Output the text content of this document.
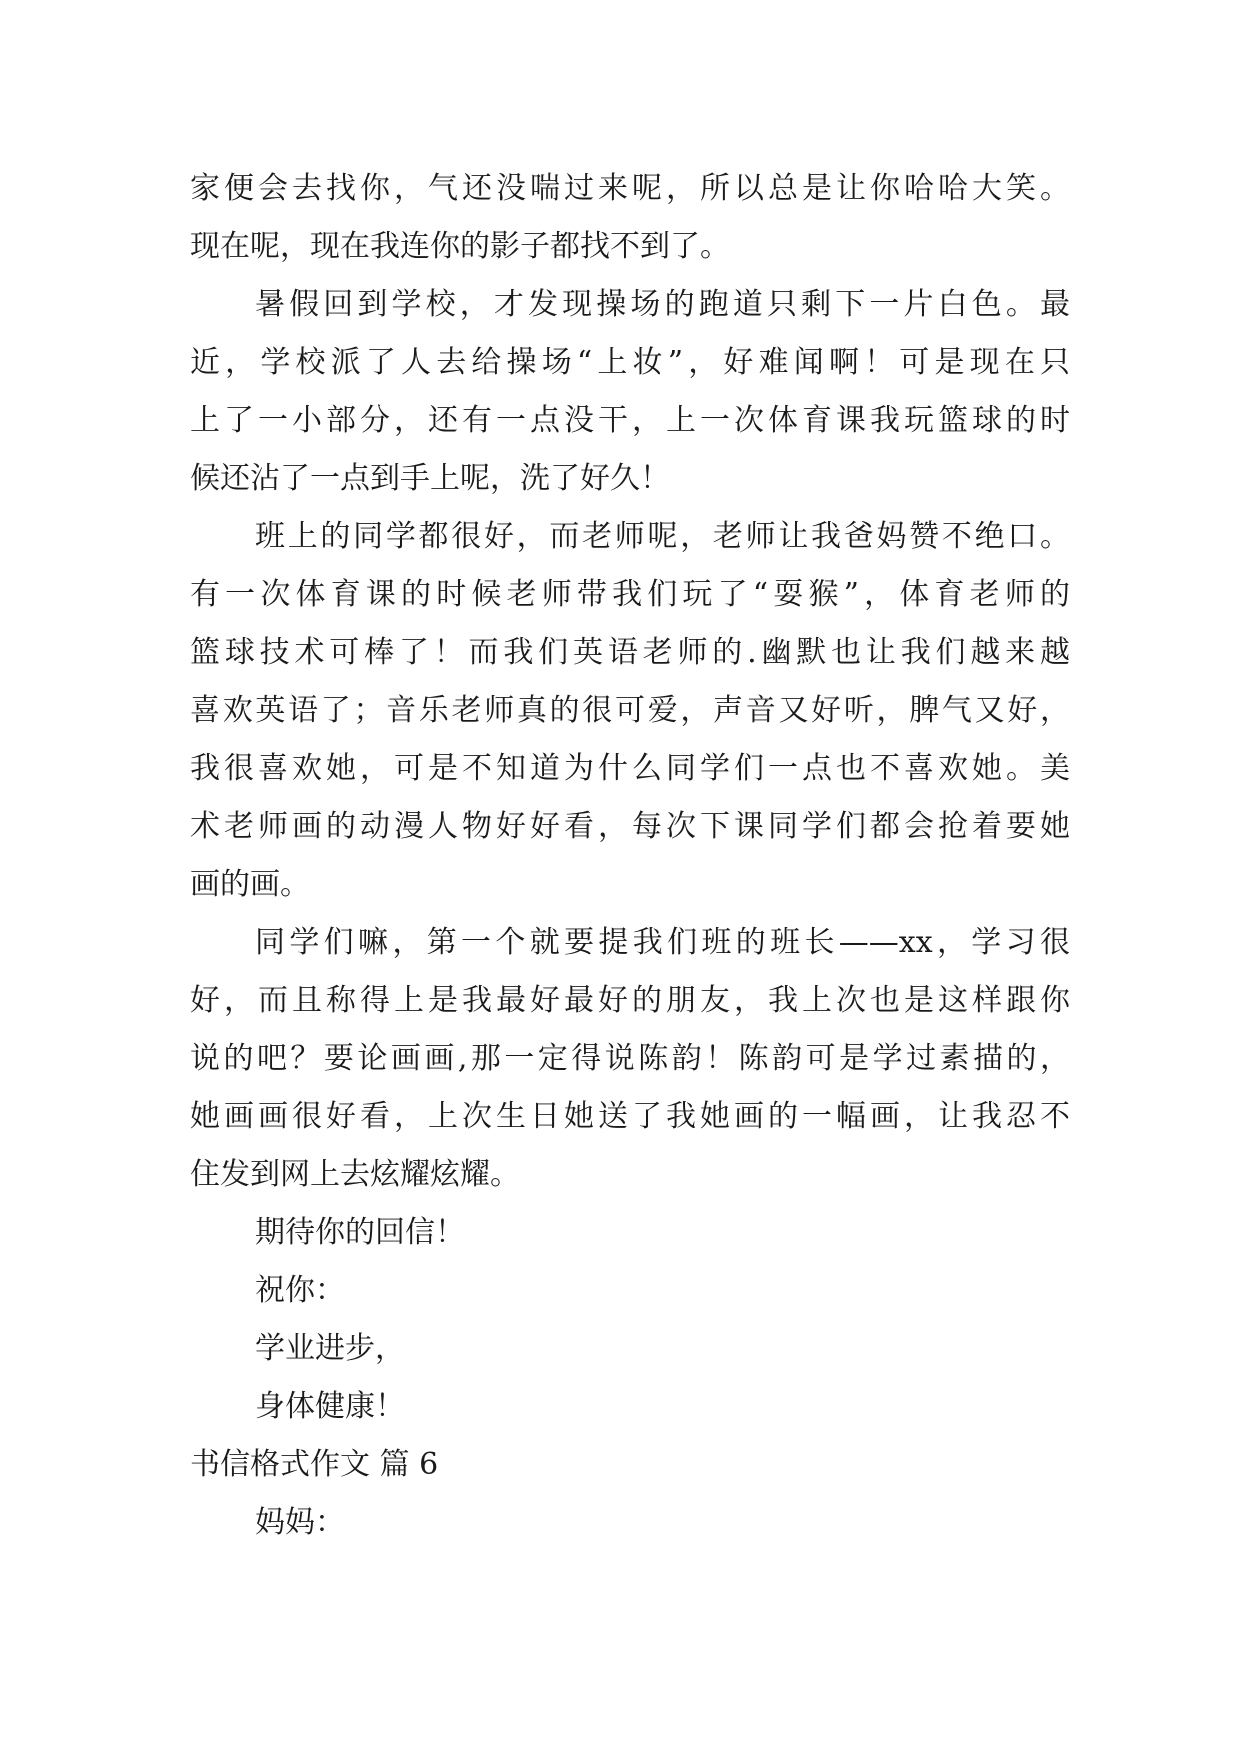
家便会去找你，气还没喘过来呢，所以总是让你哈哈大笑。
现在呢，现在我连你的影子都找不到了。
暑假回到学校，才发现操场的跑道只剩下一片白色。最
近，学校派了人去给操场“上妆”，好难闻啊！可是现在只
上了一小部分，还有一点没干，上一次体育课我玩篮球的时
候还沾了一点到手上呢，洗了好久！
班上的同学都很好，而老师呢，老师让我爸妈赞不绝口。
有一次体育课的时候老师带我们玩了“耍猴”，体育老师的
篮球技术可棒了！而我们英语老师的.幽默也让我们越来越
喜欢英语了；音乐老师真的很可爱，声音又好听，脾气又好，
我很喜欢她，可是不知道为什么同学们一点也不喜欢她。美
术老师画的动漫人物好好看，每次下课同学们都会抢着要她
画的画。
同学们嘛，第一个就要提我们班的班长——xx，学习很
好，而且称得上是我最好最好的朋友，我上次也是这样跟你
说的吧？要论画画,那一定得说陈韵！陈韵可是学过素描的，
她画画很好看，上次生日她送了我她画的一幅画，让我忍不
住发到网上去炫耀炫耀。
期待你的回信！
祝你：
学业进步，
身体健康！
书信格式作文 篇 6
妈妈：
